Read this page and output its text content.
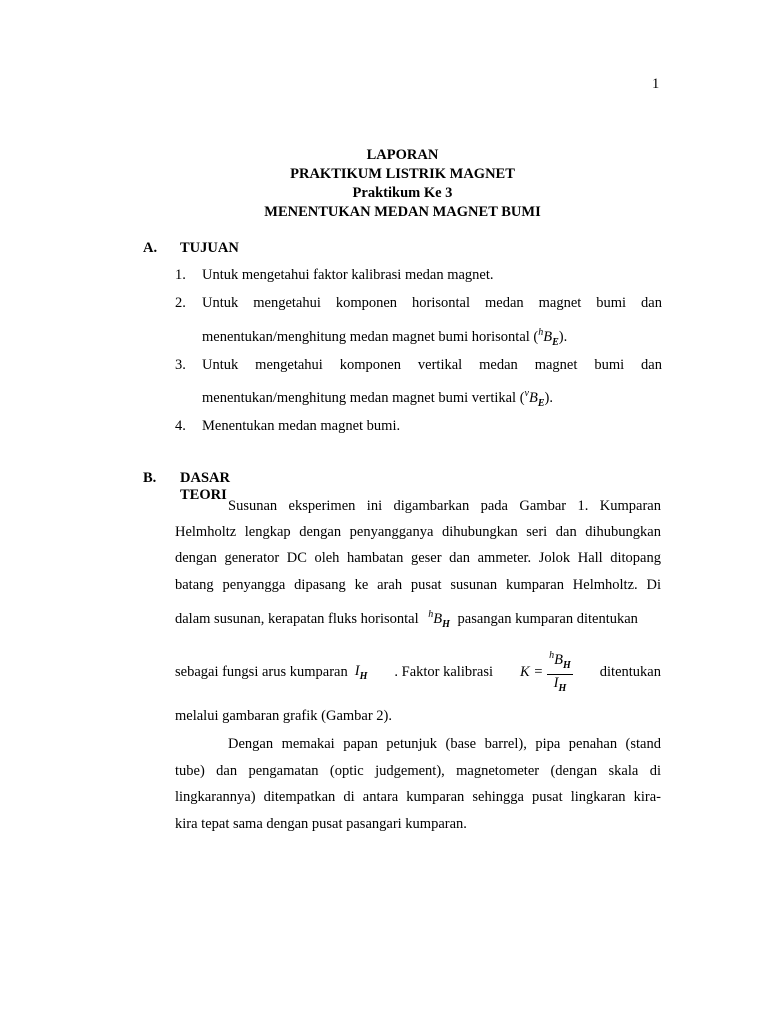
1
LAPORAN
PRAKTIKUM LISTRIK MAGNET
Praktikum Ke 3
MENENTUKAN MEDAN MAGNET BUMI
A. TUJUAN
1. Untuk mengetahui faktor kalibrasi medan magnet.
2. Untuk mengetahui komponen horisontal medan magnet bumi dan
menentukan/menghitung medan magnet bumi horisontal $(^hB_E)$.
3. Untuk mengetahui komponen vertikal medan magnet bumi dan
menentukan/menghitung medan magnet bumi vertikal $(^vB_E)$.
4. Menentukan medan magnet bumi.
B. DASAR TEORI
Susunan eksperimen ini digambarkan pada Gambar 1. Kumparan
Helmholtz lengkap dengan penyangganya dihubungkan seri dan dihubungkan
dengan generator DC oleh hambatan geser dan ammeter. Jolok Hall ditopang
batang penyangga dipasang ke arah pusat susunan kumparan Helmholtz. Di
dalam susunan, kerapatan fluks horisontal $^hB_H$ pasangan kumparan ditentukan
sebagai fungsi arus kumparan $I_H$ . Faktor kalibrasi $K = \frac{^hB_H}{I_H}$ ditentukan
melalui gambaran grafik (Gambar 2).
Dengan memakai papan petunjuk (base barrel), pipa penahan (stand
tube) dan pengamatan (optic judgement), magnetometer (dengan skala di
lingkarannya) ditempatkan di antara kumparan sehingga pusat lingkaran kira-
kira tepat sama dengan pusat pasangari kumparan.
